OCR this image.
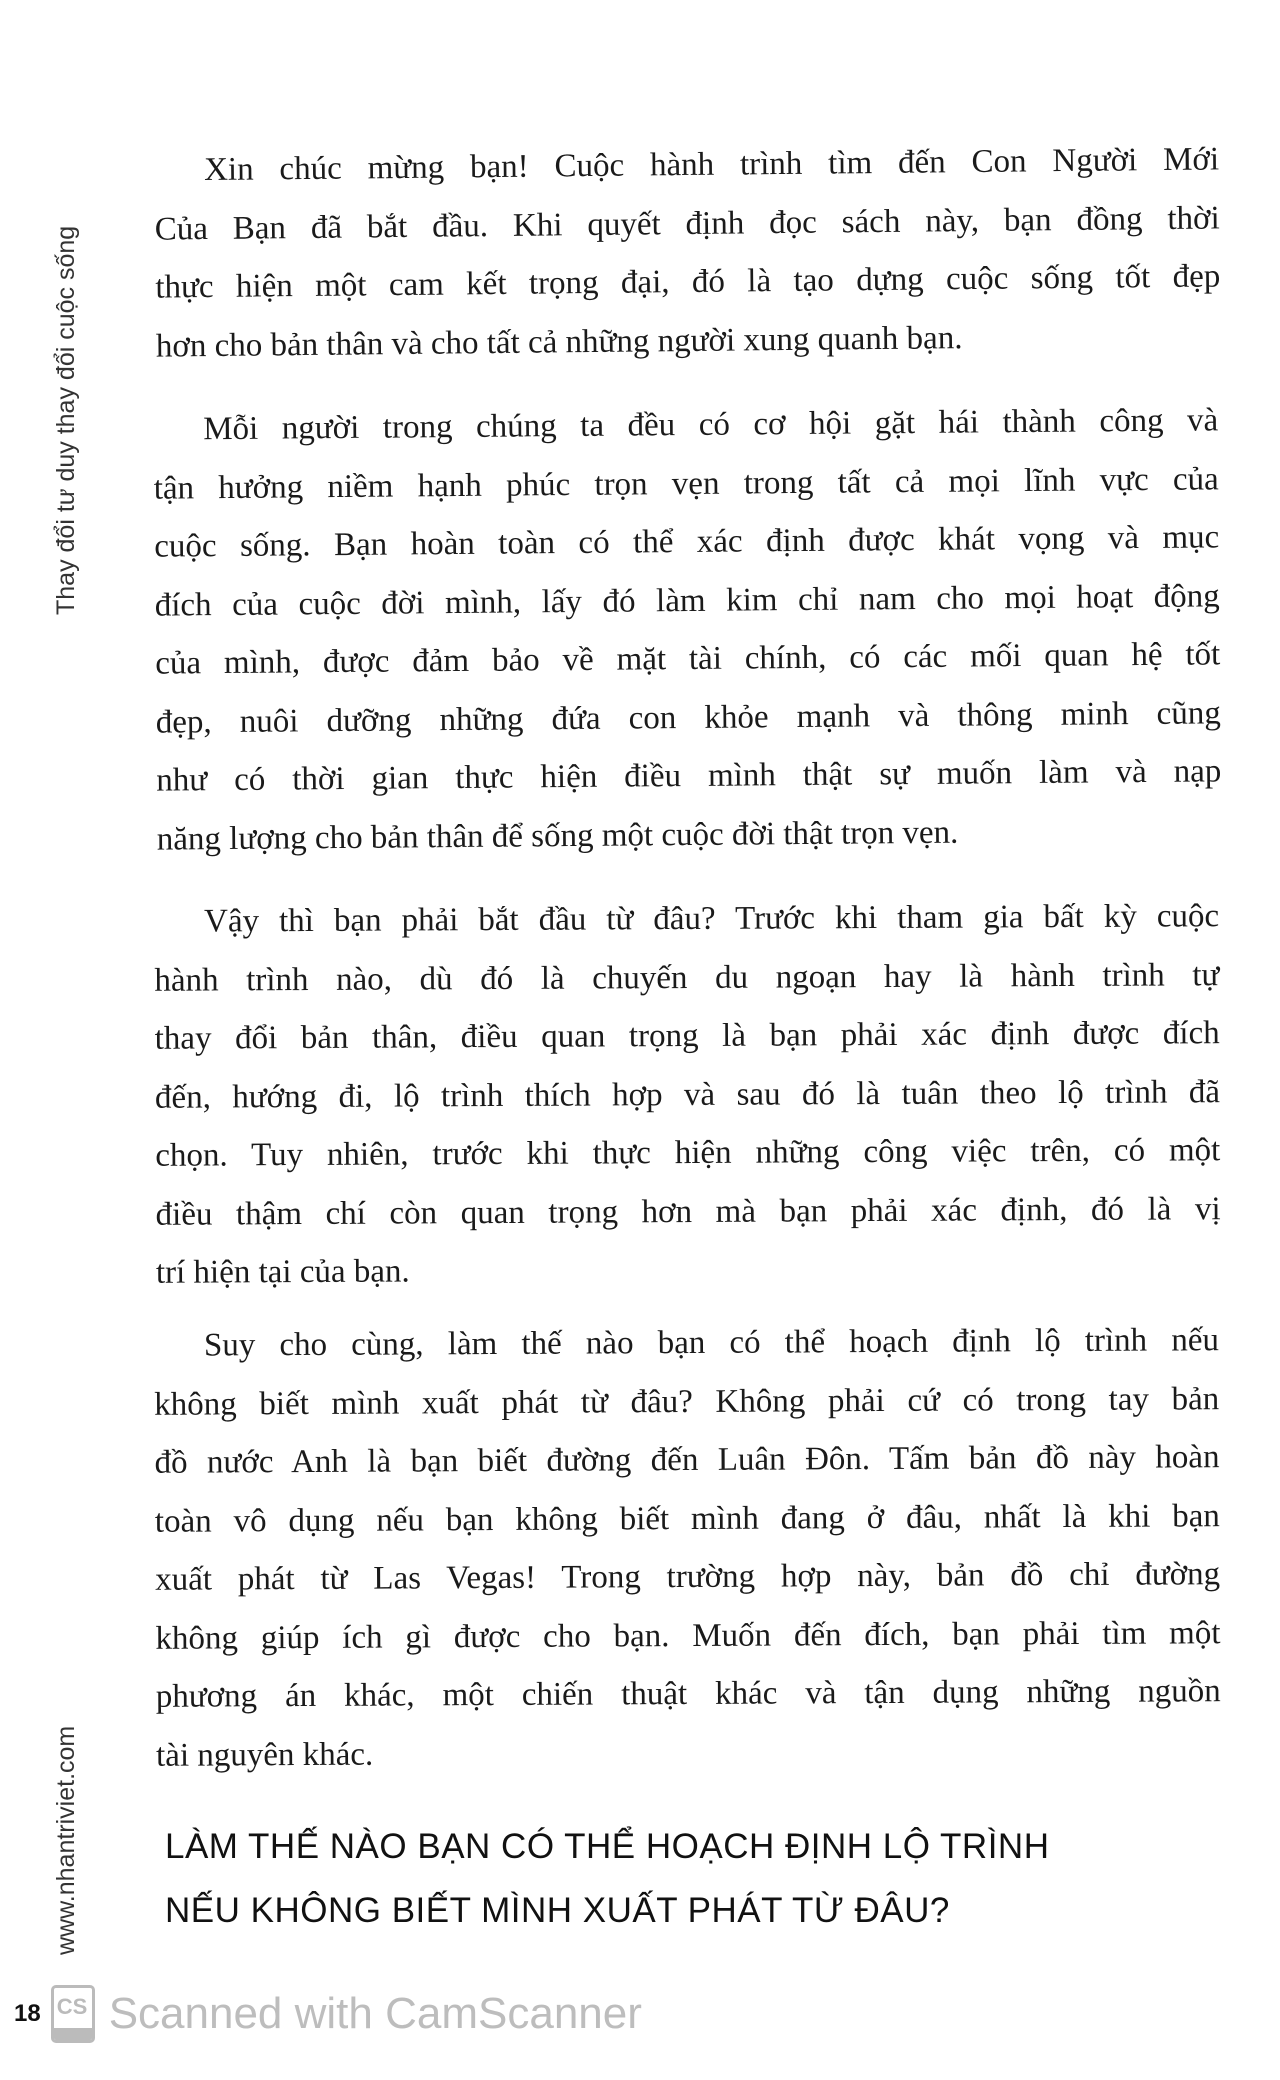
Thay đổi tư duy thay đổi cuộc sống
www.nhantriviet.com
Xin chúc mừng bạn! Cuộc hành trình tìm đến Con Người Mới
Của Bạn đã bắt đầu. Khi quyết định đọc sách này, bạn đồng thời
thực hiện một cam kết trọng đại, đó là tạo dựng cuộc sống tốt đẹp
hơn cho bản thân và cho tất cả những người xung quanh bạn.
Mỗi người trong chúng ta đều có cơ hội gặt hái thành công và
tận hưởng niềm hạnh phúc trọn vẹn trong tất cả mọi lĩnh vực của
cuộc sống. Bạn hoàn toàn có thể xác định được khát vọng và mục
đích của cuộc đời mình, lấy đó làm kim chỉ nam cho mọi hoạt động
của mình, được đảm bảo về mặt tài chính, có các mối quan hệ tốt
đẹp, nuôi dưỡng những đứa con khỏe mạnh và thông minh cũng
như có thời gian thực hiện điều mình thật sự muốn làm và nạp
năng lượng cho bản thân để sống một cuộc đời thật trọn vẹn.
Vậy thì bạn phải bắt đầu từ đâu? Trước khi tham gia bất kỳ cuộc
hành trình nào, dù đó là chuyến du ngoạn hay là hành trình tự
thay đổi bản thân, điều quan trọng là bạn phải xác định được đích
đến, hướng đi, lộ trình thích hợp và sau đó là tuân theo lộ trình đã
chọn. Tuy nhiên, trước khi thực hiện những công việc trên, có một
điều thậm chí còn quan trọng hơn mà bạn phải xác định, đó là vị
trí hiện tại của bạn.
Suy cho cùng, làm thế nào bạn có thể hoạch định lộ trình nếu
không biết mình xuất phát từ đâu? Không phải cứ có trong tay bản
đồ nước Anh là bạn biết đường đến Luân Đôn. Tấm bản đồ này hoàn
toàn vô dụng nếu bạn không biết mình đang ở đâu, nhất là khi bạn
xuất phát từ Las Vegas! Trong trường hợp này, bản đồ chỉ đường
không giúp ích gì được cho bạn. Muốn đến đích, bạn phải tìm một
phương án khác, một chiến thuật khác và tận dụng những nguồn
tài nguyên khác.
LÀM THẾ NÀO BẠN CÓ THỂ HOẠCH ĐỊNH LỘ TRÌNH
NẾU KHÔNG BIẾT MÌNH XUẤT PHÁT TỪ ĐÂU?
18 CS Scanned with CamScanner
